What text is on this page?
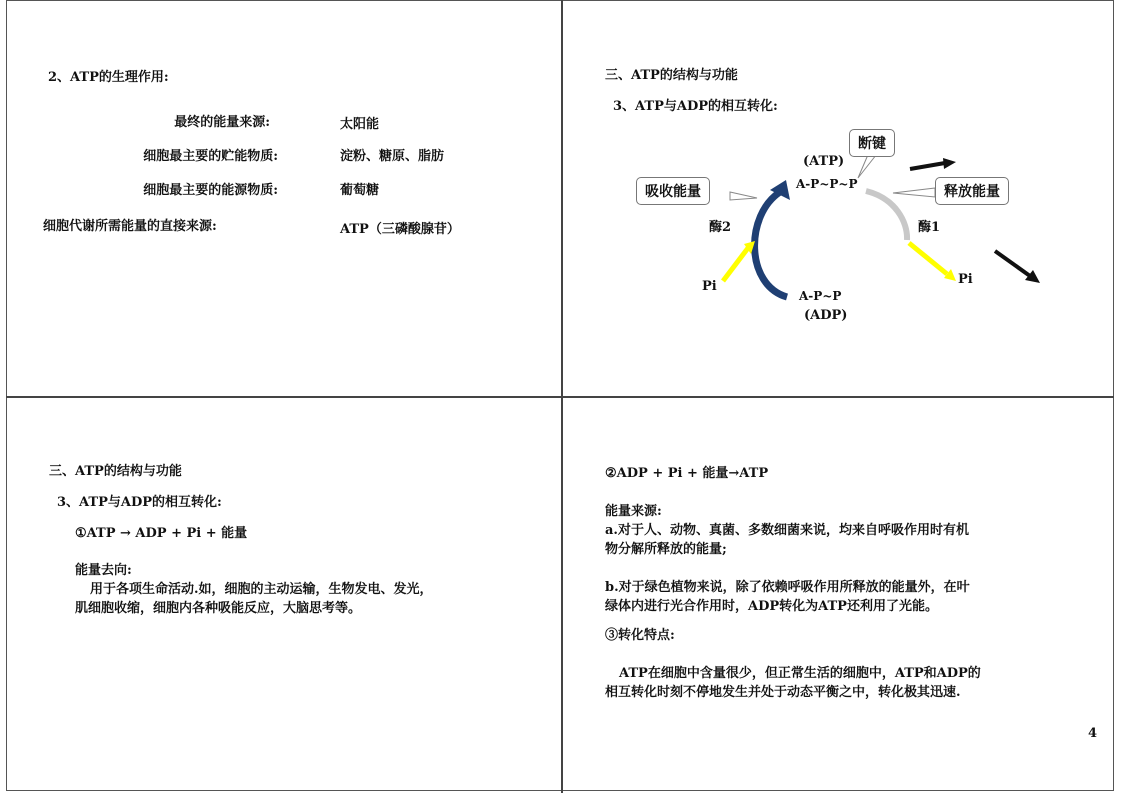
2、ATP的生理作用:
最终的能量来源:	太阳能
细胞最主要的贮能物质:	淀粉、糖原、脂肪
细胞最主要的能源物质:	葡萄糖
细胞代谢所需能量的直接来源:	ATP（三磷酸腺苷）
三、ATP的结构与功能
3、ATP与ADP的相互转化:
吸收能量
断键
释放能量
(ATP)
A-P~P~P
A-P~P
(ADP)
酶2	酶1
Pi	Pi
三、ATP的结构与功能
3、ATP与ADP的相互转化:
①ATP → ADP + Pi + 能量
能量去向:
用于各项生命活动.如，细胞的主动运输，生物发电、发光，
肌细胞收缩，细胞内各种吸能反应，大脑思考等。
②ADP + Pi + 能量→ATP
能量来源:
a.对于人、动物、真菌、多数细菌来说，均来自呼吸作用时有机
物分解所释放的能量;
b.对于绿色植物来说，除了依赖呼吸作用所释放的能量外，在叶
绿体内进行光合作用时，ADP转化为ATP还利用了光能。
③转化特点:
ATP在细胞中含量很少，但正常生活的细胞中，ATP和ADP的
相互转化时刻不停地发生并处于动态平衡之中，转化极其迅速.
4
